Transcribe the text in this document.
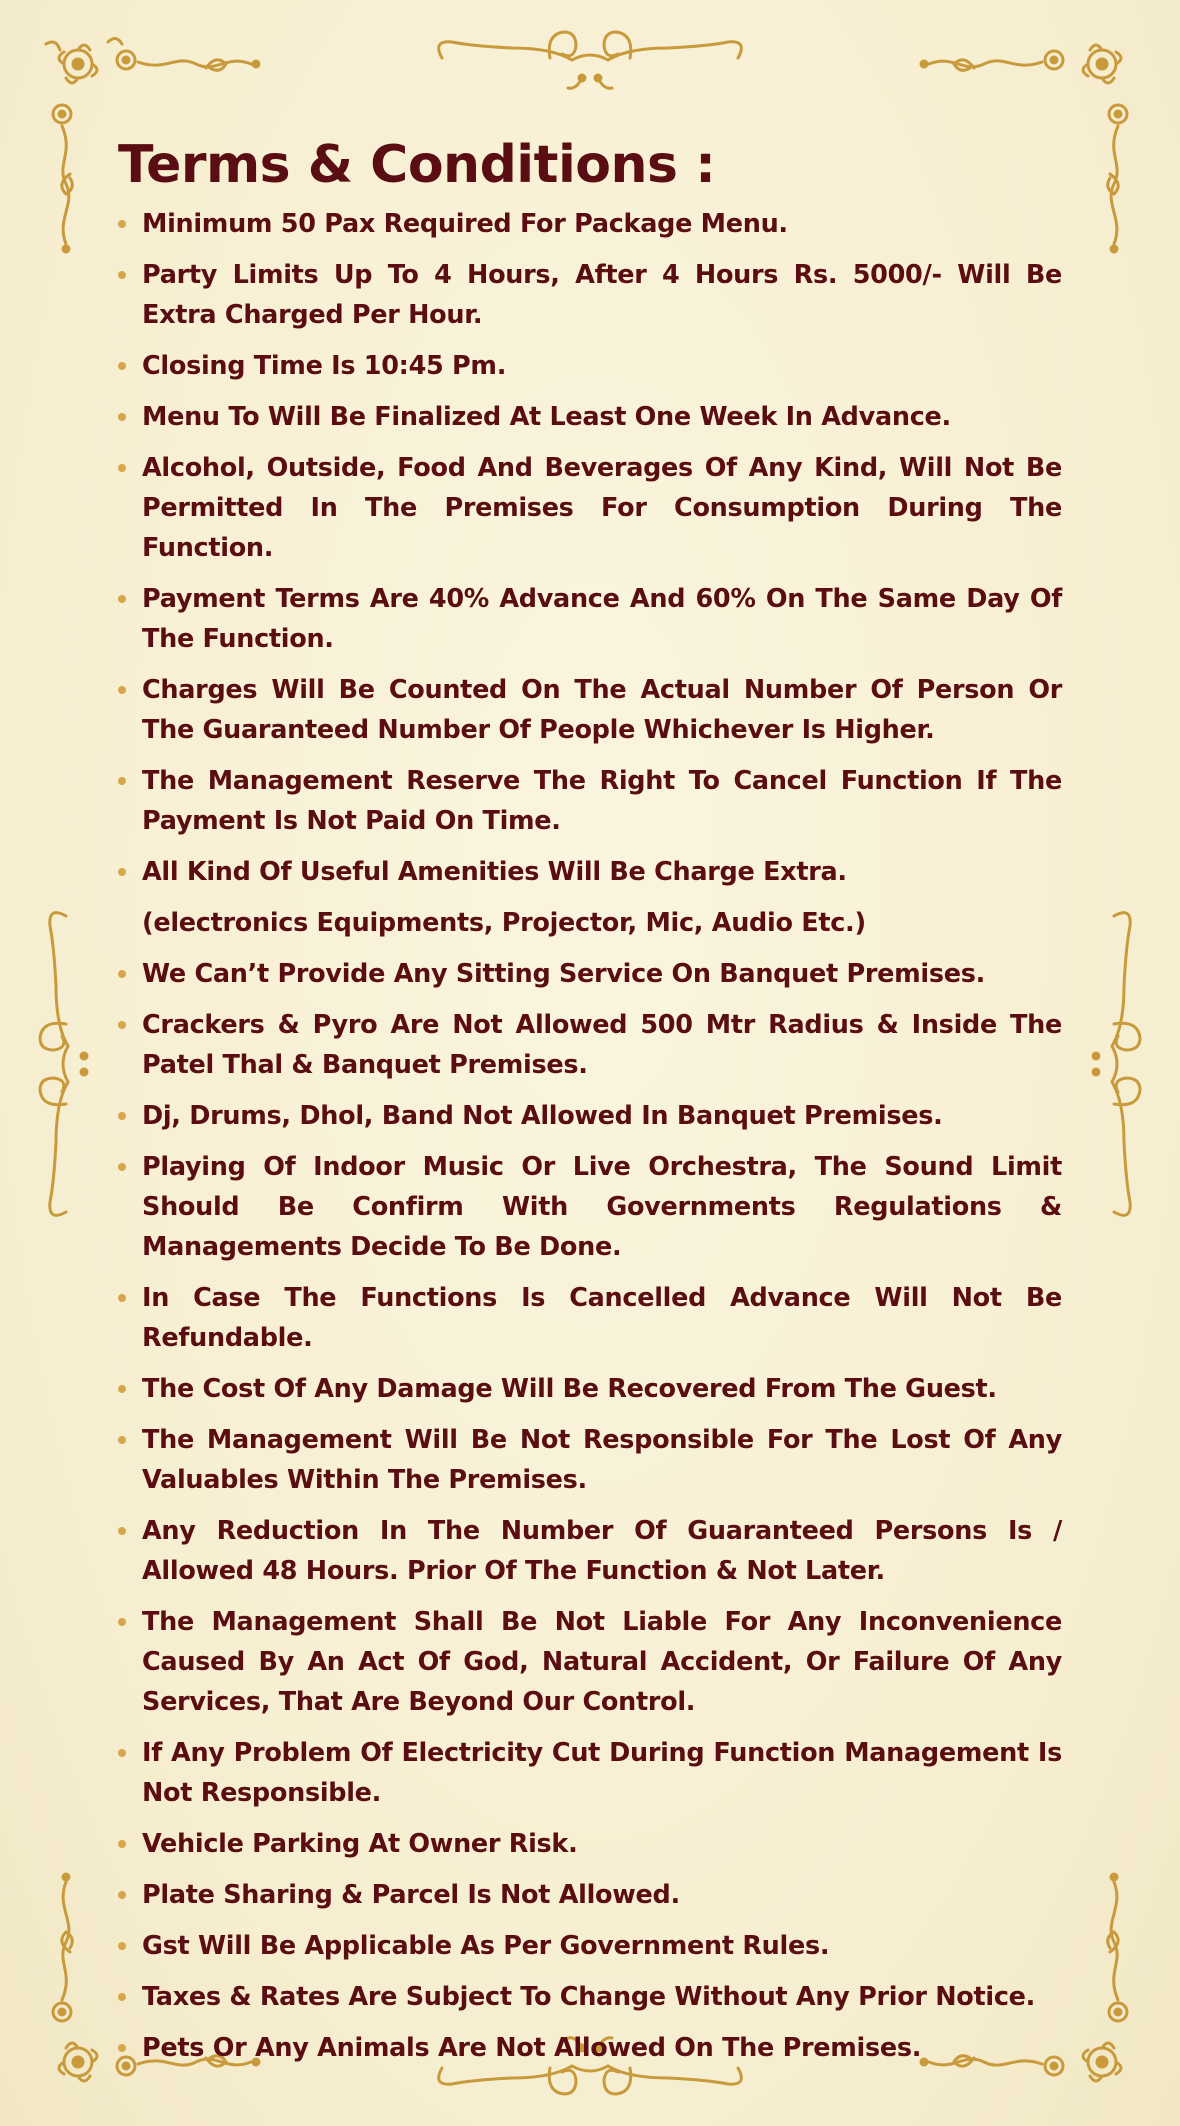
Terms & Conditions :
Minimum 50 Pax Required For Package Menu.
Party Limits Up To 4 Hours, After 4 Hours Rs. 5000/- Will Be Extra Charged Per Hour.
Closing Time Is 10:45 Pm.
Menu To Will Be Finalized At Least One Week In Advance.
Alcohol, Outside, Food And Beverages Of Any Kind, Will Not Be Permitted In The Premises For Consumption During The Function.
Payment Terms Are 40% Advance And 60% On The Same Day Of The Function.
Charges Will Be Counted On The Actual Number Of Person Or The Guaranteed Number Of People Whichever Is Higher.
The Management Reserve The Right To Cancel Function If The Payment Is Not Paid On Time.
All Kind Of Useful Amenities Will Be Charge Extra.
(electronics Equipments, Projector, Mic, Audio Etc.)
We Can’t Provide Any Sitting Service On Banquet Premises.
Crackers & Pyro Are Not Allowed 500 Mtr Radius & Inside The Patel Thal & Banquet Premises.
Dj, Drums, Dhol, Band Not Allowed In Banquet Premises.
Playing Of Indoor Music Or Live Orchestra, The Sound Limit Should Be Confirm With Governments Regulations & Managements Decide To Be Done.
In Case The Functions Is Cancelled Advance Will Not Be Refundable.
The Cost Of Any Damage Will Be Recovered From The Guest.
The Management Will Be Not Responsible For The Lost Of Any Valuables Within The Premises.
Any Reduction In The Number Of Guaranteed Persons Is / Allowed 48 Hours. Prior Of The Function & Not Later.
The Management Shall Be Not Liable For Any Inconvenience Caused By An Act Of God, Natural Accident, Or Failure Of Any Services, That Are Beyond Our Control.
If Any Problem Of Electricity Cut During Function Management Is Not Responsible.
Vehicle Parking At Owner Risk.
Plate Sharing & Parcel Is Not Allowed.
Gst Will Be Applicable As Per Government Rules.
Taxes & Rates Are Subject To Change Without Any Prior Notice.
Pets Or Any Animals Are Not Allowed On The Premises.
